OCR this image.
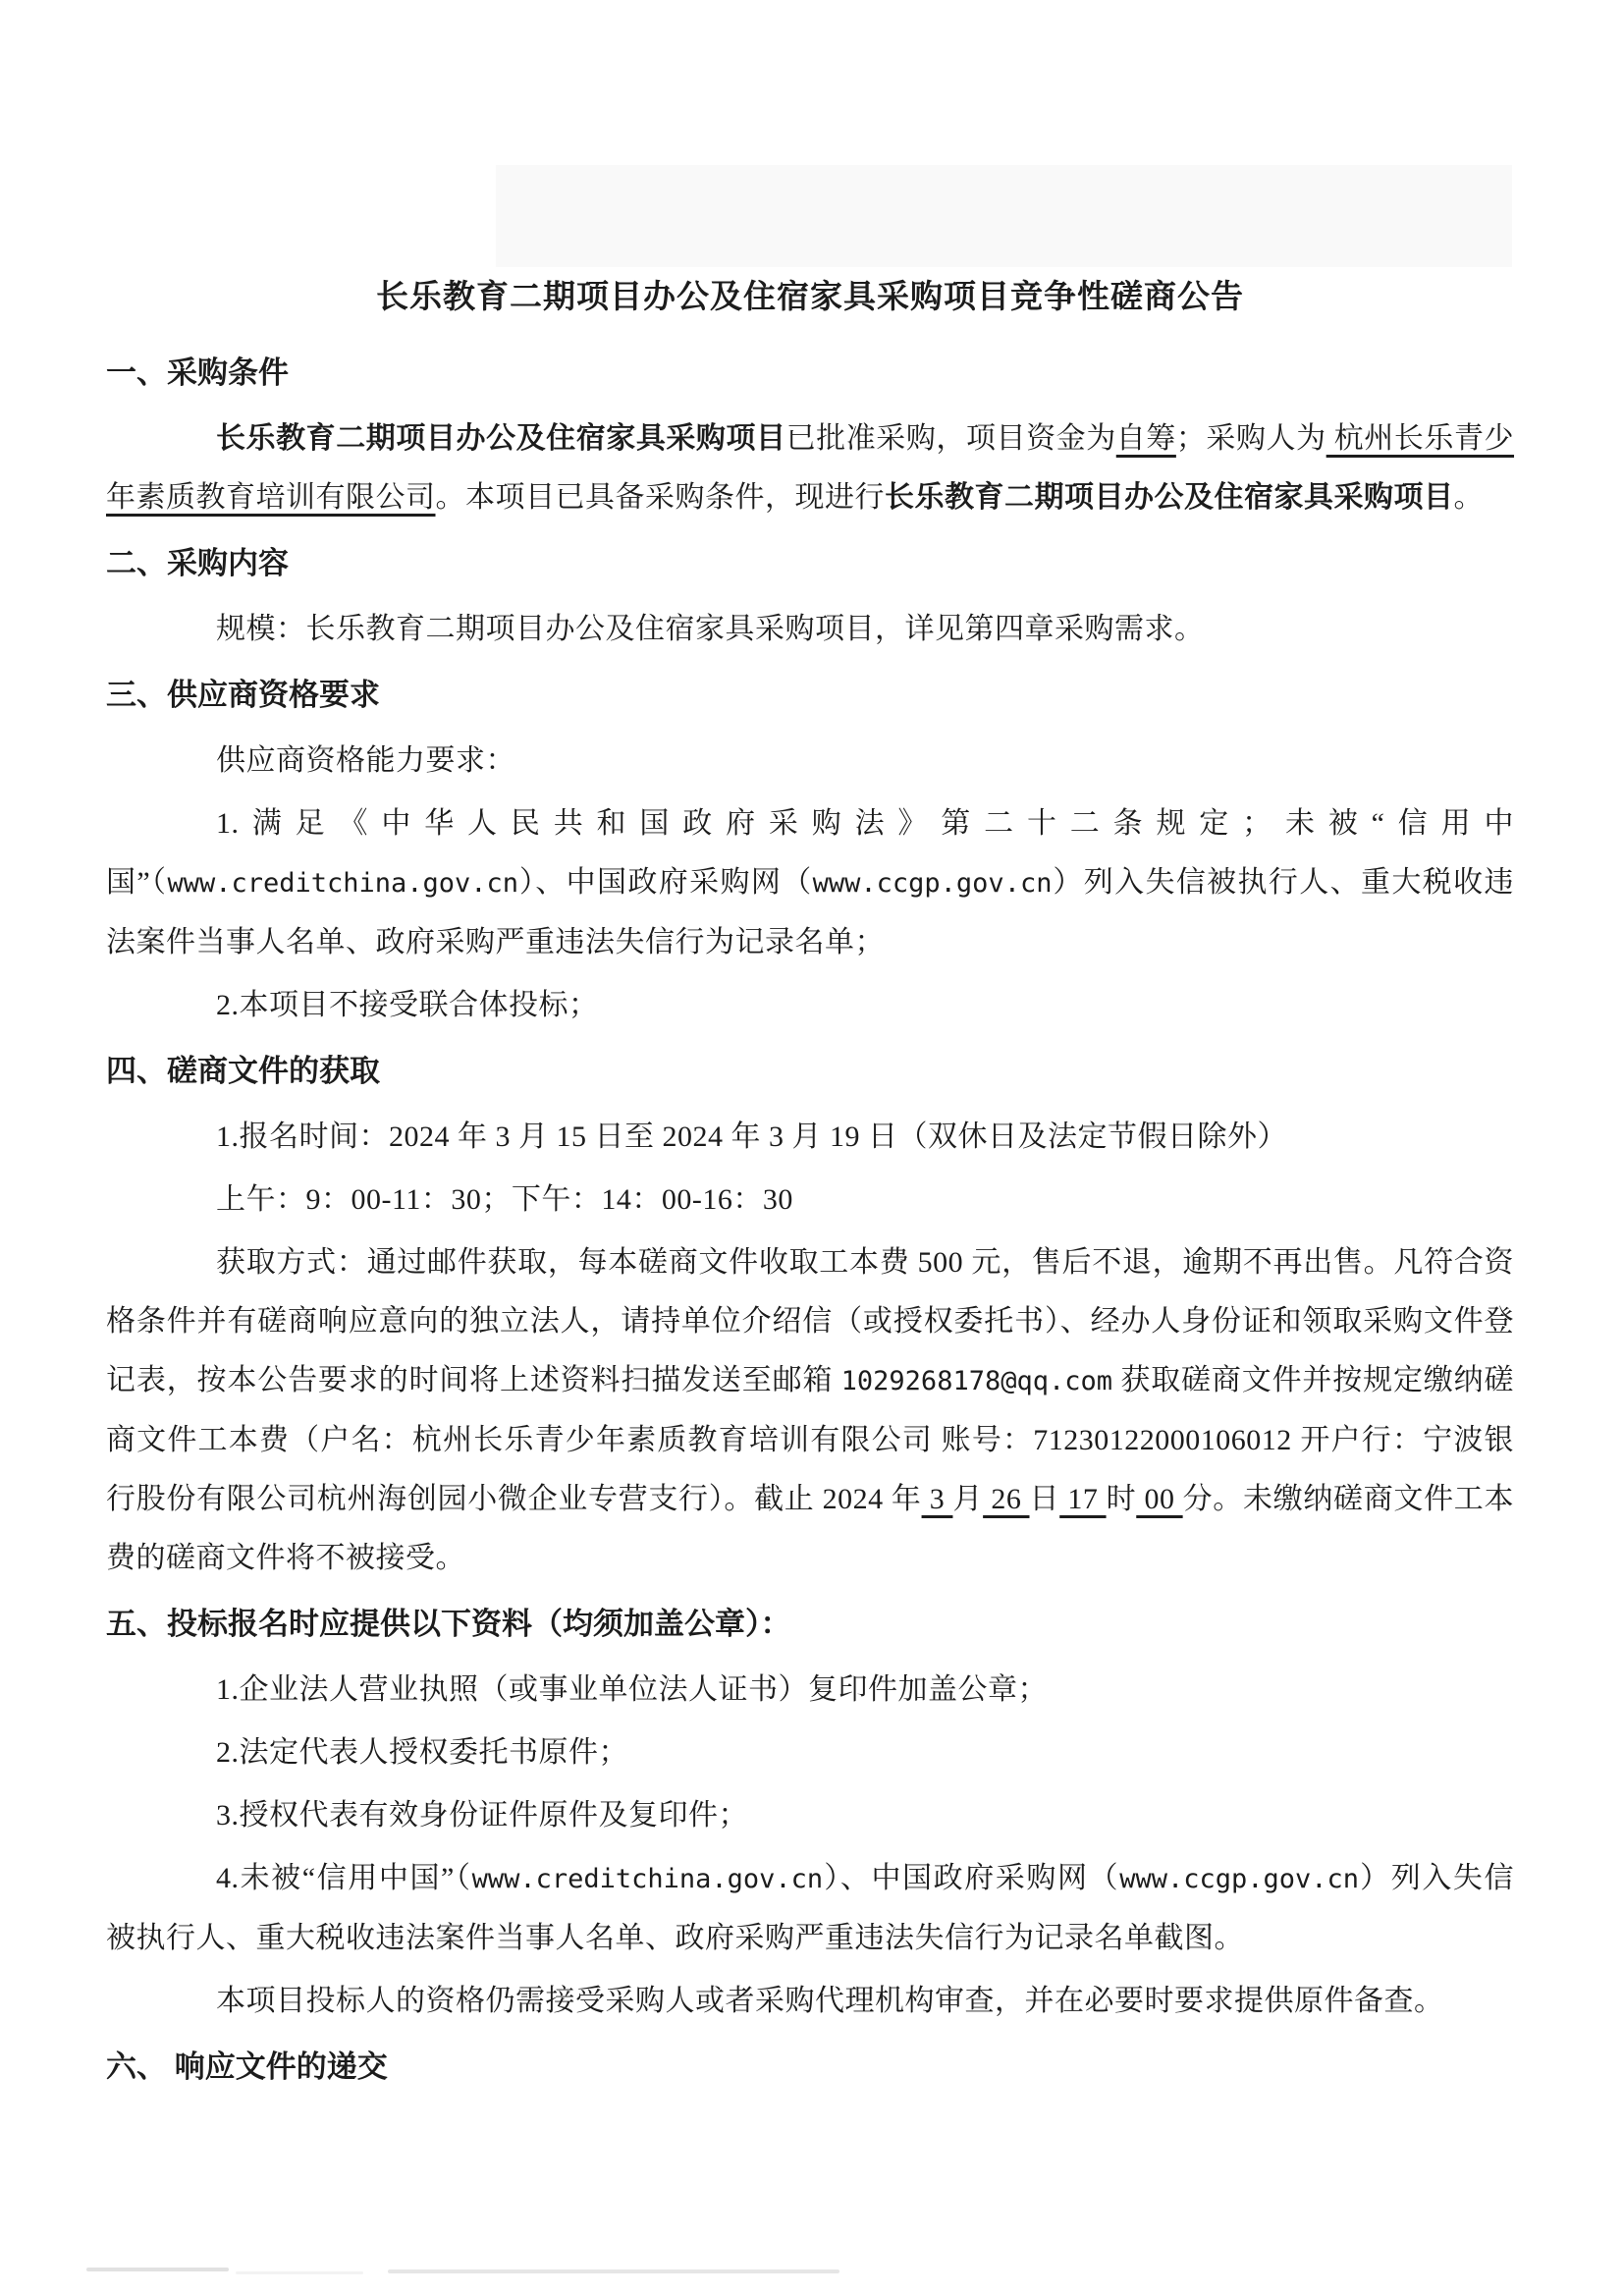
长乐教育二期项目办公及住宿家具采购项目竞争性磋商公告
一、采购条件

长乐教育二期项目办公及住宿家具采购项目已批准采购，项目资金为自筹；采购人为 杭州长乐青少年素质教育培训有限公司。本项目已具备采购条件，现进行长乐教育二期项目办公及住宿家具采购项目。

二、采购内容

规模：长乐教育二期项目办公及住宿家具采购项目，详见第四章采购需求。

三、供应商资格要求

供应商资格能力要求：

1.满足《中华人民共和国政府采购法》第二十二条规定；未被“信用中国”（www.creditchina.gov.cn）、中国政府采购网（www.ccgp.gov.cn）列入失信被执行人、重大税收违法案件当事人名单、政府采购严重违法失信行为记录名单；

2.本项目不接受联合体投标；

四、磋商文件的获取

1.报名时间：2024 年 3 月 15 日至 2024 年 3 月 19 日（双休日及法定节假日除外）

上午：9：00-11：30；下午：14：00-16：30

获取方式：通过邮件获取，每本磋商文件收取工本费 500 元，售后不退，逾期不再出售。凡符合资格条件并有磋商响应意向的独立法人，请持单位介绍信（或授权委托书）、经办人身份证和领取采购文件登记表，按本公告要求的时间将上述资料扫描发送至邮箱 1029268178@qq.com 获取磋商文件并按规定缴纳磋商文件工本费（户名：杭州长乐青少年素质教育培训有限公司 账号：71230122000106012 开户行：宁波银行股份有限公司杭州海创园小微企业专营支行）。截止 2024 年 3 月 26 日 17 时 00 分。未缴纳磋商文件工本费的磋商文件将不被接受。

五、投标报名时应提供以下资料（均须加盖公章）：

1.企业法人营业执照（或事业单位法人证书）复印件加盖公章；

2.法定代表人授权委托书原件；

3.授权代表有效身份证件原件及复印件；

4.未被“信用中国”（www.creditchina.gov.cn）、中国政府采购网（www.ccgp.gov.cn）列入失信被执行人、重大税收违法案件当事人名单、政府采购严重违法失信行为记录名单截图。

本项目投标人的资格仍需接受采购人或者采购代理机构审查，并在必要时要求提供原件备查。

六、 响应文件的递交
